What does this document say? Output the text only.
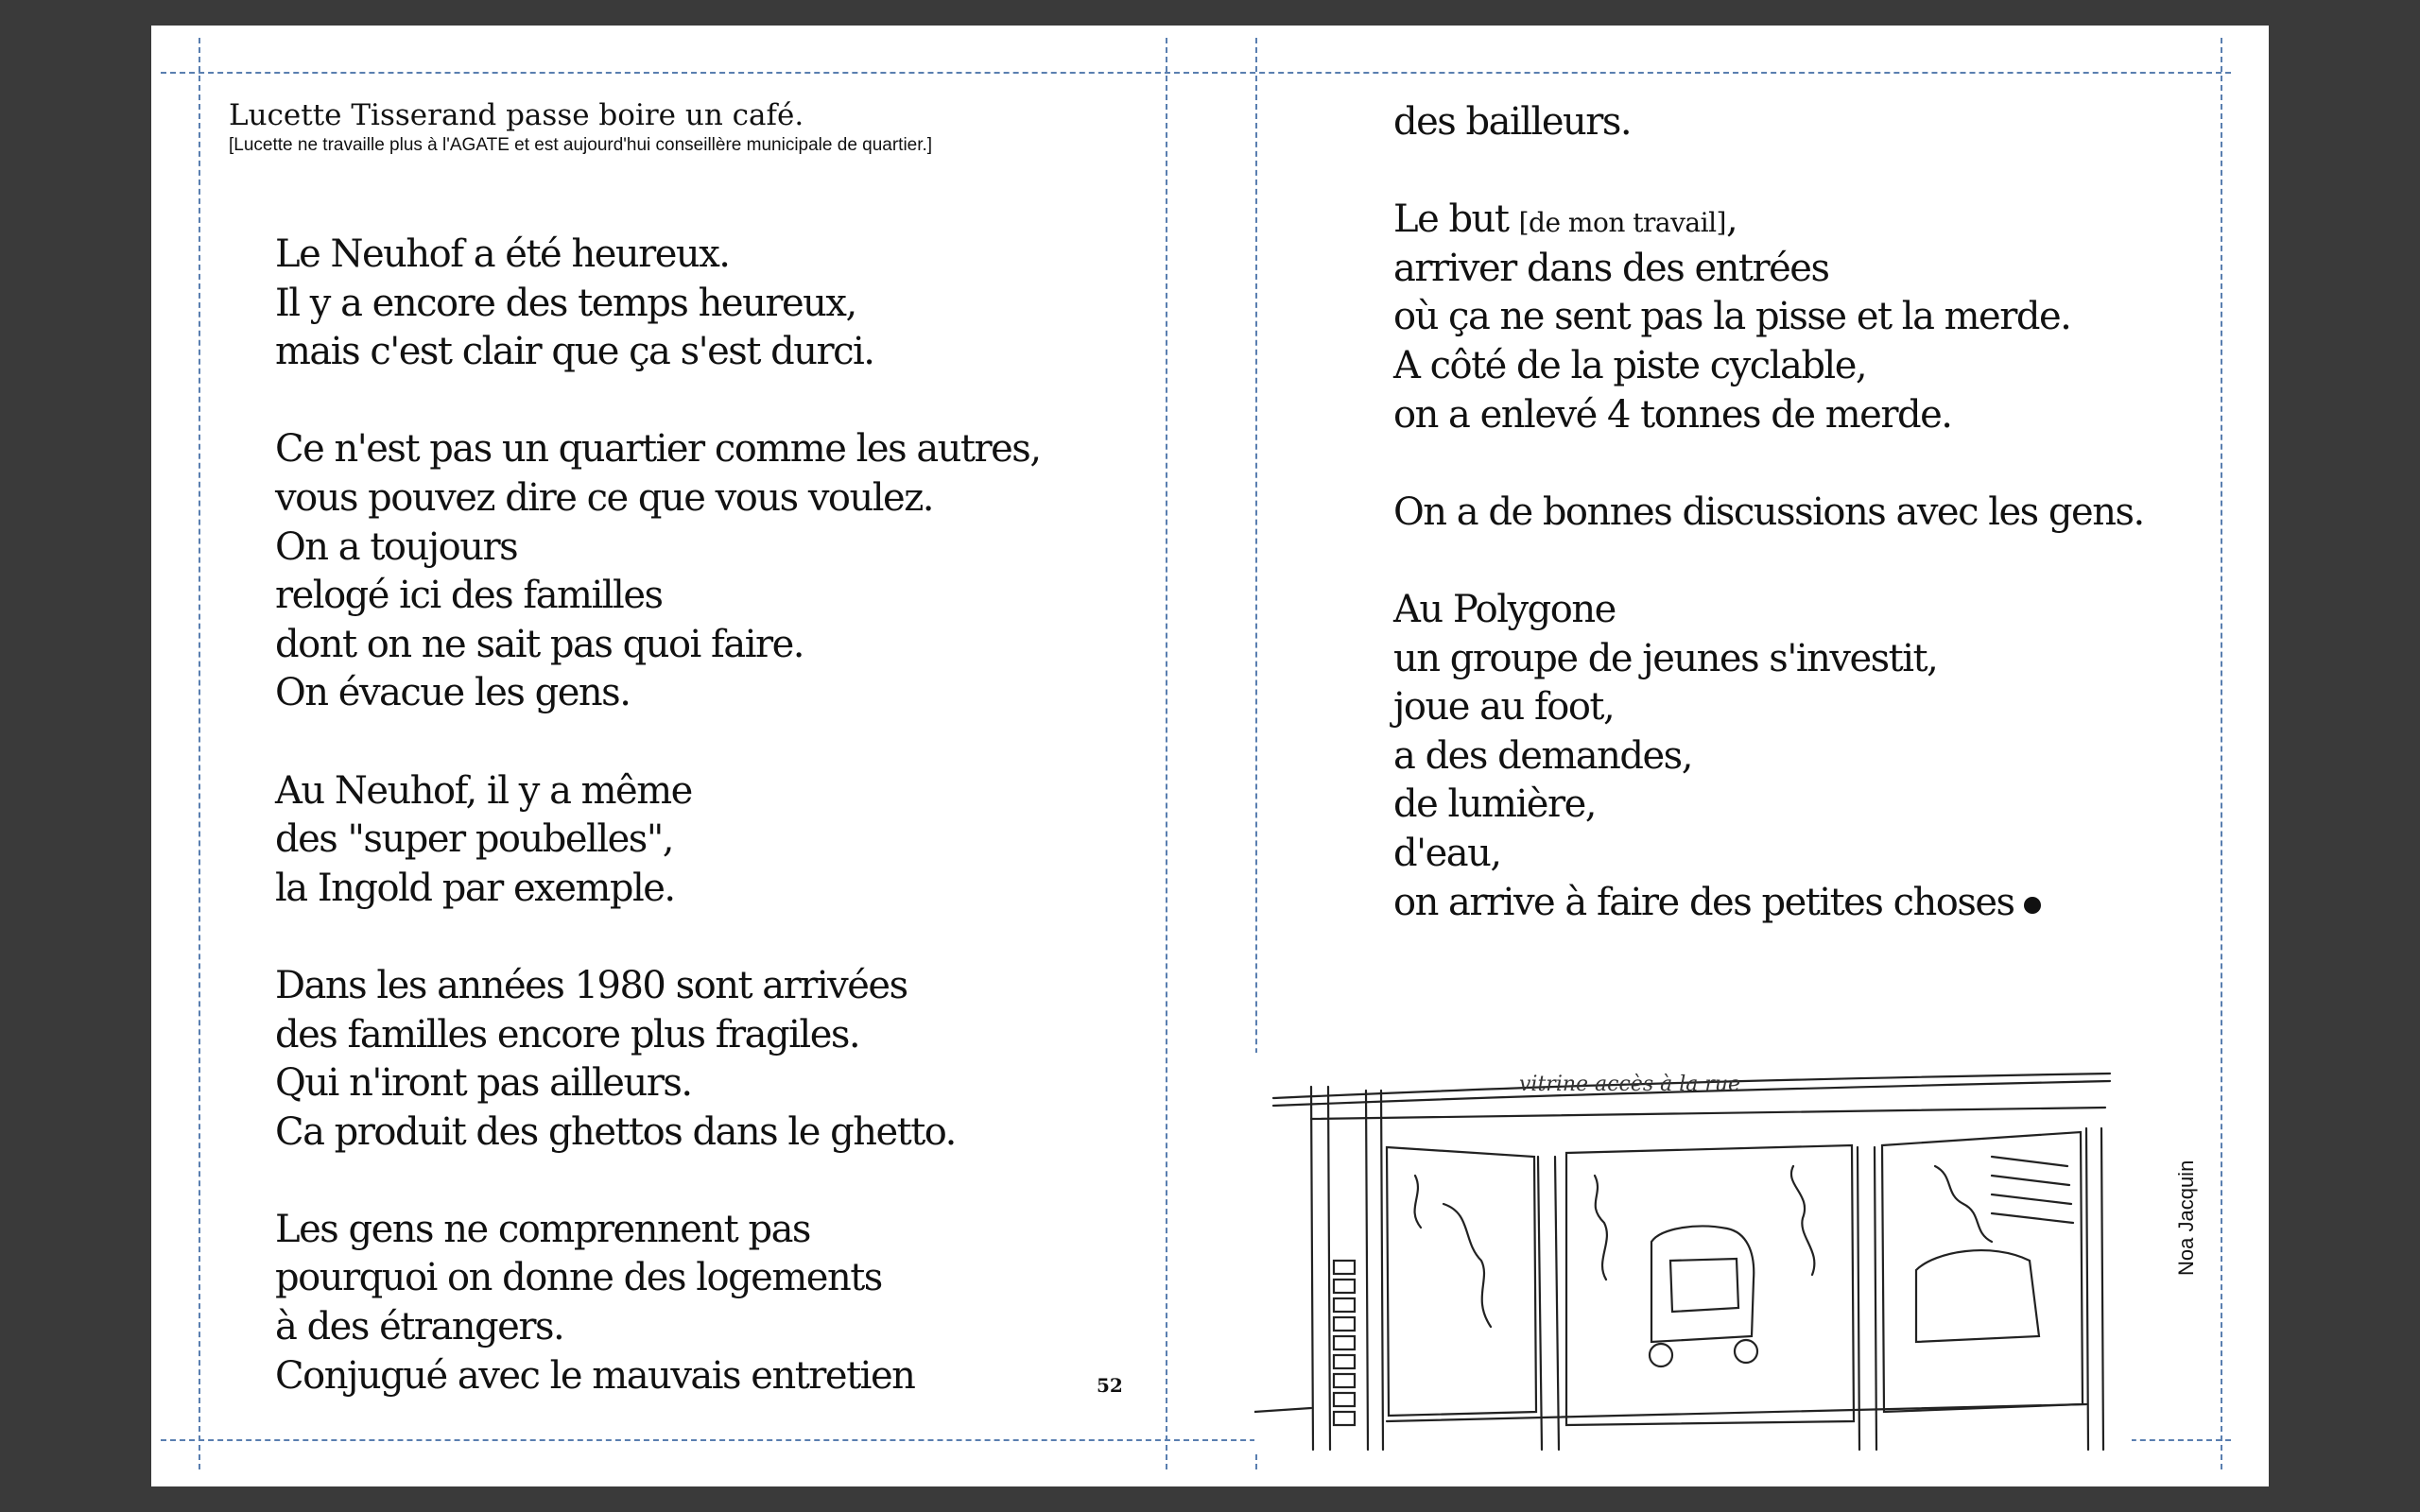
Lucette Tisserand passe boire un café.
[Lucette ne travaille plus à l'AGATE et est aujourd'hui conseillère municipale de quartier.]
Le Neuhof a été heureux.
Il y a encore des temps heureux,
mais c'est clair que ça s'est durci.
Ce n'est pas un quartier comme les autres,
vous pouvez dire ce que vous voulez.
On a toujours
relogé ici des familles
dont on ne sait pas quoi faire.
On évacue les gens.
Au Neuhof, il y a même
des "super poubelles",
la Ingold par exemple.
Dans les années 1980 sont arrivées
des familles encore plus fragiles.
Qui n'iront pas ailleurs.
Ca produit des ghettos dans le ghetto.
Les gens ne comprennent pas
pourquoi on donne des logements
à des étrangers.
Conjugué avec le mauvais entretien	52
des bailleurs.
Le but [de mon travail],
arriver dans des entrées
où ça ne sent pas la pisse et la merde.
A côté de la piste cyclable,
on a enlevé 4 tonnes de merde.
On a de bonnes discussions avec les gens.
Au Polygone
un groupe de jeunes s'investit,
joue au foot,
a des demandes,
de lumière,
d'eau,
on arrive à faire des petites choses
vitrine accès à la rue
Noa Jacquin
